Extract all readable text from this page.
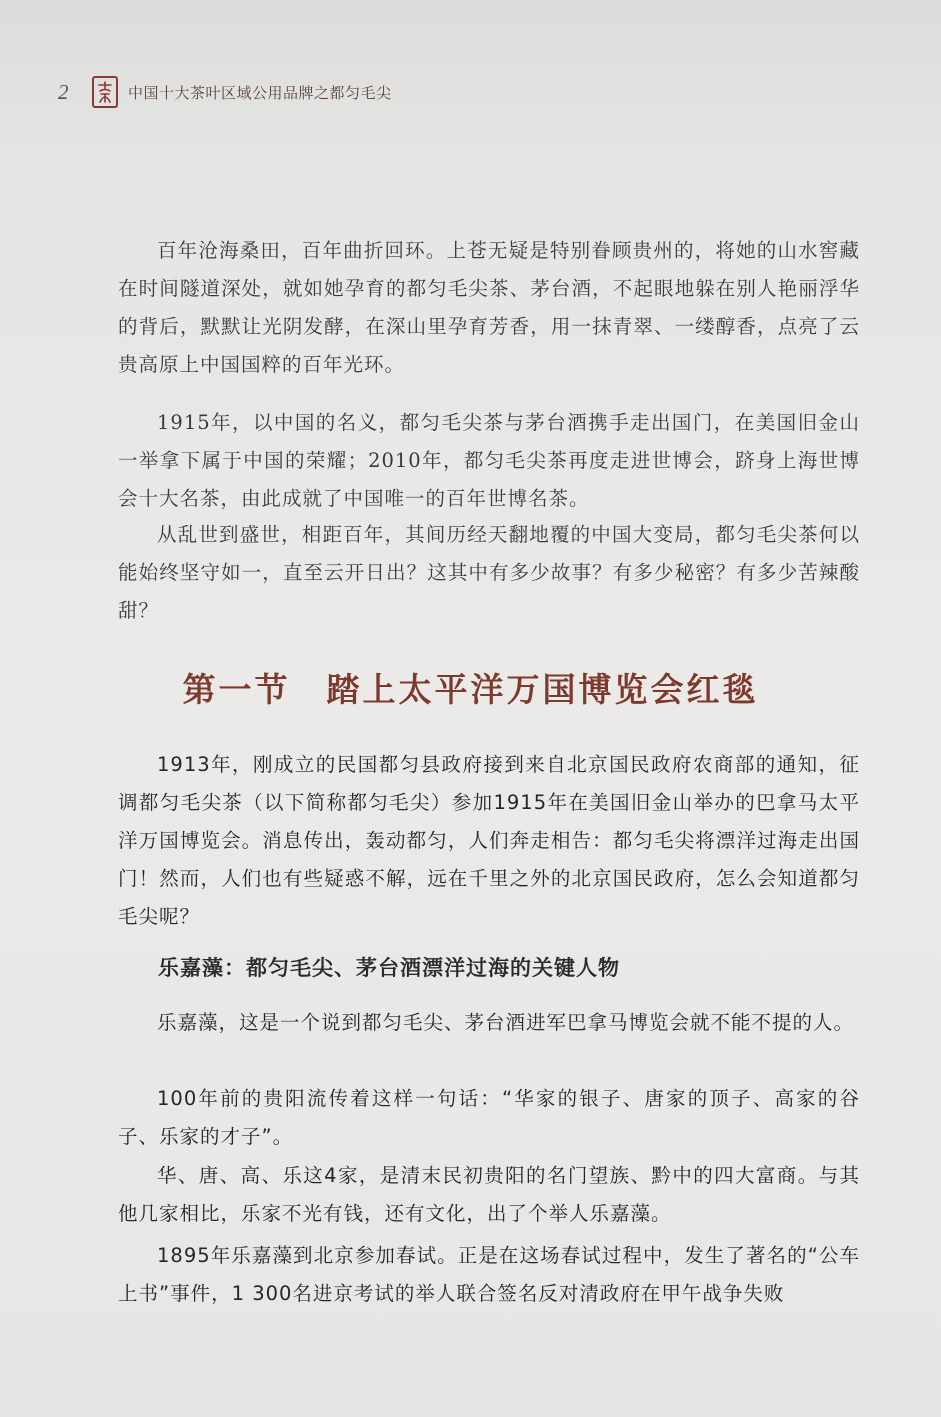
2	中国十大茶叶区域公用品牌之都匀毛尖

百年沧海桑田，百年曲折回环。上苍无疑是特别眷顾贵州的，将她的山水窖藏在时间隧道深处，就如她孕育的都匀毛尖茶、茅台酒，不起眼地躲在别人艳丽浮华的背后，默默让光阴发酵，在深山里孕育芳香，用一抹青翠、一缕醇香，点亮了云贵高原上中国国粹的百年光环。

1915年，以中国的名义，都匀毛尖茶与茅台酒携手走出国门，在美国旧金山一举拿下属于中国的荣耀；2010年，都匀毛尖茶再度走进世博会，跻身上海世博会十大名茶，由此成就了中国唯一的百年世博名茶。

从乱世到盛世，相距百年，其间历经天翻地覆的中国大变局，都匀毛尖茶何以能始终坚守如一，直至云开日出？这其中有多少故事？有多少秘密？有多少苦辣酸甜？

第一节 踏上太平洋万国博览会红毯

1913年，刚成立的民国都匀县政府接到来自北京国民政府农商部的通知，征调都匀毛尖茶（以下简称都匀毛尖）参加1915年在美国旧金山举办的巴拿马太平洋万国博览会。消息传出，轰动都匀，人们奔走相告：都匀毛尖将漂洋过海走出国门！然而，人们也有些疑惑不解，远在千里之外的北京国民政府，怎么会知道都匀毛尖呢？

乐嘉藻：都匀毛尖、茅台酒漂洋过海的关键人物

乐嘉藻，这是一个说到都匀毛尖、茅台酒进军巴拿马博览会就不能不提的人。

100年前的贵阳流传着这样一句话：“华家的银子、唐家的顶子、高家的谷子、乐家的才子”。

华、唐、高、乐这4家，是清末民初贵阳的名门望族、黔中的四大富商。与其他几家相比，乐家不光有钱，还有文化，出了个举人乐嘉藻。

1895年乐嘉藻到北京参加春试。正是在这场春试过程中，发生了著名的“公车上书”事件，1 300名进京考试的举人联合签名反对清政府在甲午战争失败
